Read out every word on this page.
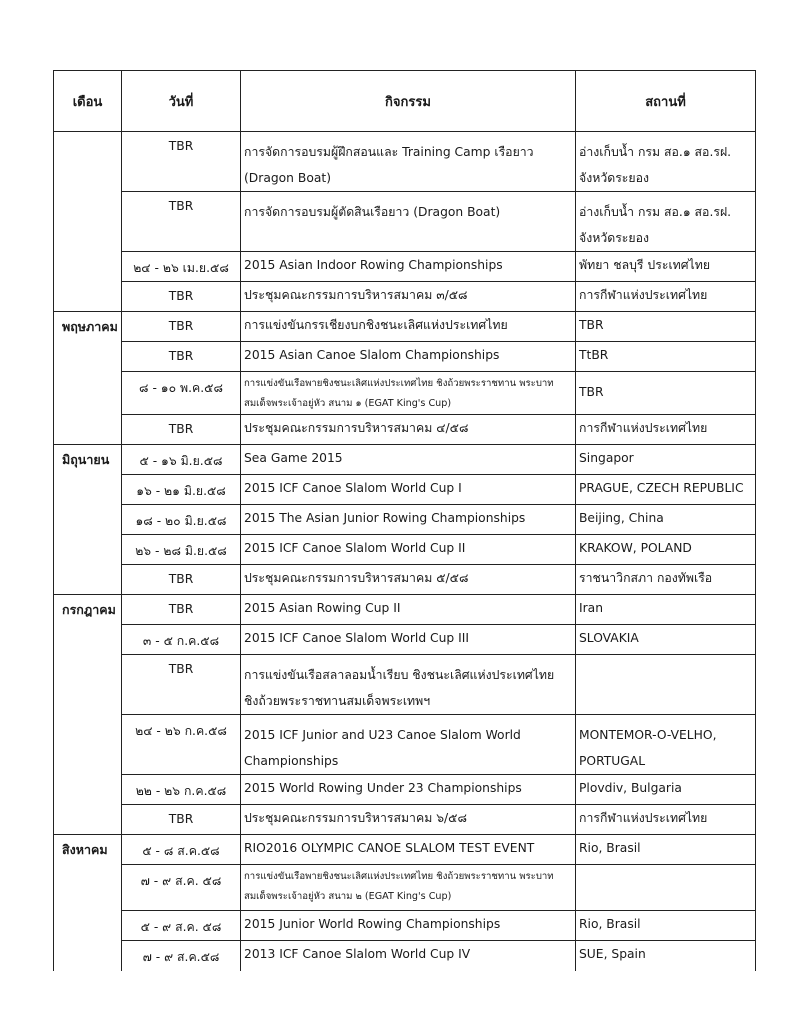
เดือน	วันที่	กิจกรรม	สถานที่
	TBR	การจัดการอบรมผู้ฝึกสอนและ Training Camp เรือยาว (Dragon Boat)	อ่างเก็บน้ำ กรม สอ.๑ สอ.รฝ. จังหวัดระยอง
	TBR	การจัดการอบรมผู้ตัดสินเรือยาว (Dragon Boat)	อ่างเก็บน้ำ กรม สอ.๑ สอ.รฝ. จังหวัดระยอง
	๒๔ - ๒๖ เม.ย.๕๘	2015 Asian Indoor Rowing Championships	พัทยา ชลบุรี ประเทศไทย
	TBR	ประชุมคณะกรรมการบริหารสมาคม ๓/๕๘	การกีฬาแห่งประเทศไทย
พฤษภาคม	TBR	การแข่งขันกรรเชียงบกชิงชนะเลิศแห่งประเทศไทย	TBR
	TBR	2015 Asian Canoe Slalom Championships	TtBR
	๘ - ๑๐ พ.ค.๕๘	การแข่งขันเรือพายชิงชนะเลิศแห่งประเทศไทย ชิงถ้วยพระราชทาน พระบาทสมเด็จพระเจ้าอยู่หัว สนาม ๑ (EGAT King's Cup)	TBR
	TBR	ประชุมคณะกรรมการบริหารสมาคม ๔/๕๘	การกีฬาแห่งประเทศไทย
มิถุนายน	๕ - ๑๖ มิ.ย.๕๘	Sea Game 2015	Singapor
	๑๖ - ๒๑ มิ.ย.๕๘	2015 ICF Canoe Slalom World Cup I	PRAGUE, CZECH REPUBLIC
	๑๘ - ๒๐ มิ.ย.๕๘	2015 The Asian Junior Rowing Championships	Beijing, China
	๒๖ - ๒๘ มิ.ย.๕๘	2015 ICF Canoe Slalom World Cup II	KRAKOW, POLAND
	TBR	ประชุมคณะกรรมการบริหารสมาคม ๕/๕๘	ราชนาวิกสภา กองทัพเรือ
กรกฎาคม	TBR	2015 Asian Rowing Cup II	Iran
	๓ - ๕ ก.ค.๕๘	2015 ICF Canoe Slalom World Cup III	SLOVAKIA
	TBR	การแข่งขันเรือสลาลอมน้ำเรียบ ชิงชนะเลิศแห่งประเทศไทย ชิงถ้วยพระราชทานสมเด็จพระเทพฯ	
	๒๔ - ๒๖ ก.ค.๕๘	2015 ICF Junior and U23 Canoe Slalom World Championships	MONTEMOR-O-VELHO, PORTUGAL
	๒๒ - ๒๖ ก.ค.๕๘	2015 World Rowing Under 23 Championships	Plovdiv, Bulgaria
	TBR	ประชุมคณะกรรมการบริหารสมาคม ๖/๕๘	การกีฬาแห่งประเทศไทย
สิงหาคม	๕ - ๘ ส.ค.๕๘	RIO2016 OLYMPIC CANOE SLALOM TEST EVENT	Rio, Brasil
	๗ - ๙ ส.ค. ๕๘	การแข่งขันเรือพายชิงชนะเลิศแห่งประเทศไทย ชิงถ้วยพระราชทาน พระบาทสมเด็จพระเจ้าอยู่หัว สนาม ๒ (EGAT King's Cup)	
	๕ - ๙ ส.ค. ๕๘	2015 Junior World Rowing Championships	Rio, Brasil
	๗ - ๙ ส.ค.๕๘	2013 ICF Canoe Slalom World Cup IV	SUE, Spain
